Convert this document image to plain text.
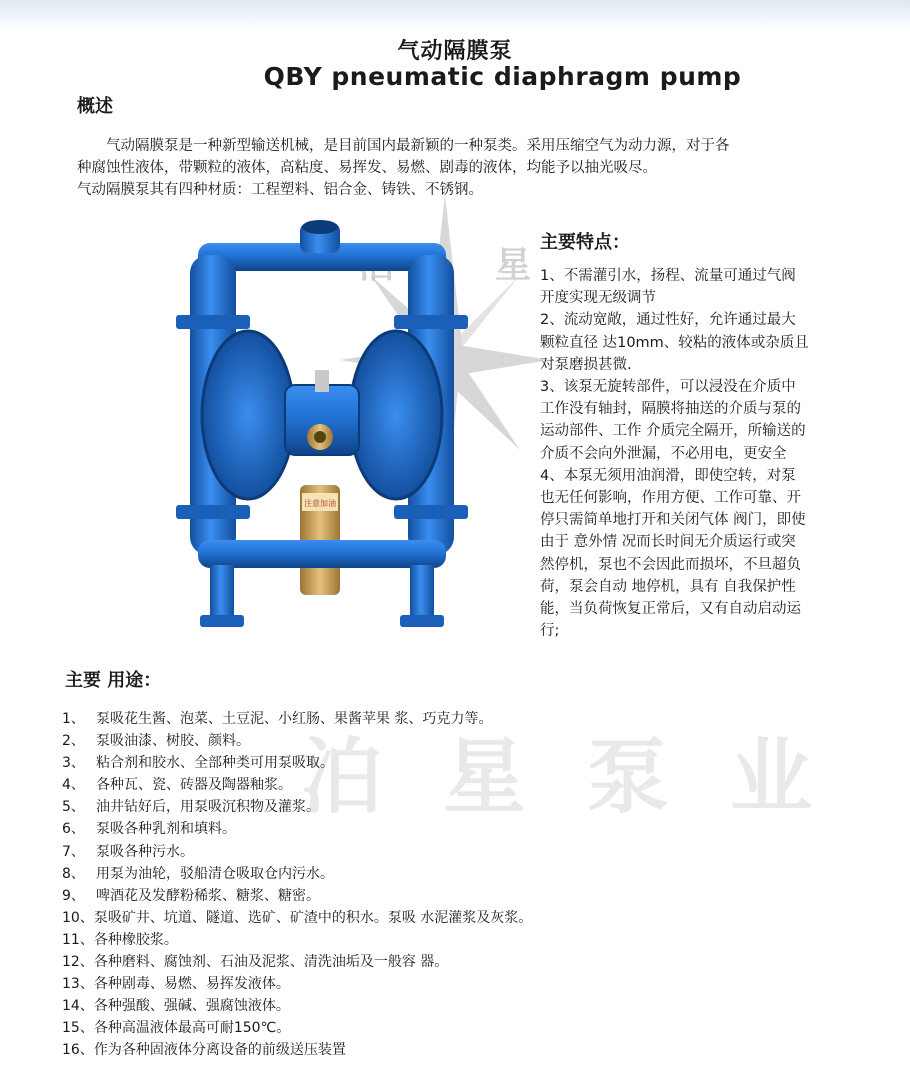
气动隔膜泵
QBY pneumatic diaphragm pump
概述

气动隔膜泵是一种新型输送机械，是目前国内最新颖的一种泵类。采用压缩空气为动力源，对于各

种腐蚀性液体，带颗粒的液体，高粘度、易挥发、易燃、剧毒的液体，均能予以抽光吸尽。

气动隔膜泵其有四种材质：工程塑料、铝合金、铸铁、不锈钢。

星
注意加油
主要特点：

1、不需灌引水，扬程、流量可通过气阀

开度实现无级调节

2、流动宽敞，通过性好，允许通过最大

颗粒直径 达10mm、较粘的液体或杂质且

对泵磨损甚微.

3、该泵无旋转部件，可以浸没在介质中

工作没有轴封，隔膜将抽送的介质与泵的

运动部件、工作 介质完全隔开，所输送的

介质不会向外泄漏，不必用电，更安全

4、本泵无须用油润滑，即使空转，对泵

也无任何影响，作用方便、工作可靠、开

停只需简单地打开和关闭气体 阀门，即使

由于 意外情 况而长时间无介质运行或突

然停机，泵也不会因此而损坏，不旦超负

荷，泵会自动 地停机，具有 自我保护性

能，当负荷恢复正常后，又有自动启动运

行;

主要 用途：
泊 星 泵 业
1、 泵吸花生酱、泡菜、土豆泥、小红肠、果酱苹果 浆、巧克力等。
2、 泵吸油漆、树胶、颜料。
3、 粘合剂和胶水、全部种类可用泵吸取。
4、 各种瓦、瓷、砖器及陶器釉浆。
5、 油井钻好后，用泵吸沉积物及灌浆。
6、 泵吸各种乳剂和填料。
7、 泵吸各种污水。
8、 用泵为油轮，驳船清仓吸取仓内污水。
9、 啤酒花及发酵粉稀浆、糖浆、糖密。
10、 泵吸矿井、坑道、隧道、选矿、矿渣中的积水。泵吸 水泥灌浆及灰浆。
11、 各种橡胶浆。
12、 各种磨料、腐蚀剂、石油及泥浆、清洗油垢及一般容 器。
13、 各种剧毒、易燃、易挥发液体。
14、 各种强酸、强碱、强腐蚀液体。
15、 各种高温液体最高可耐150℃。
16、 作为各种固液体分离设备的前级送压装置
